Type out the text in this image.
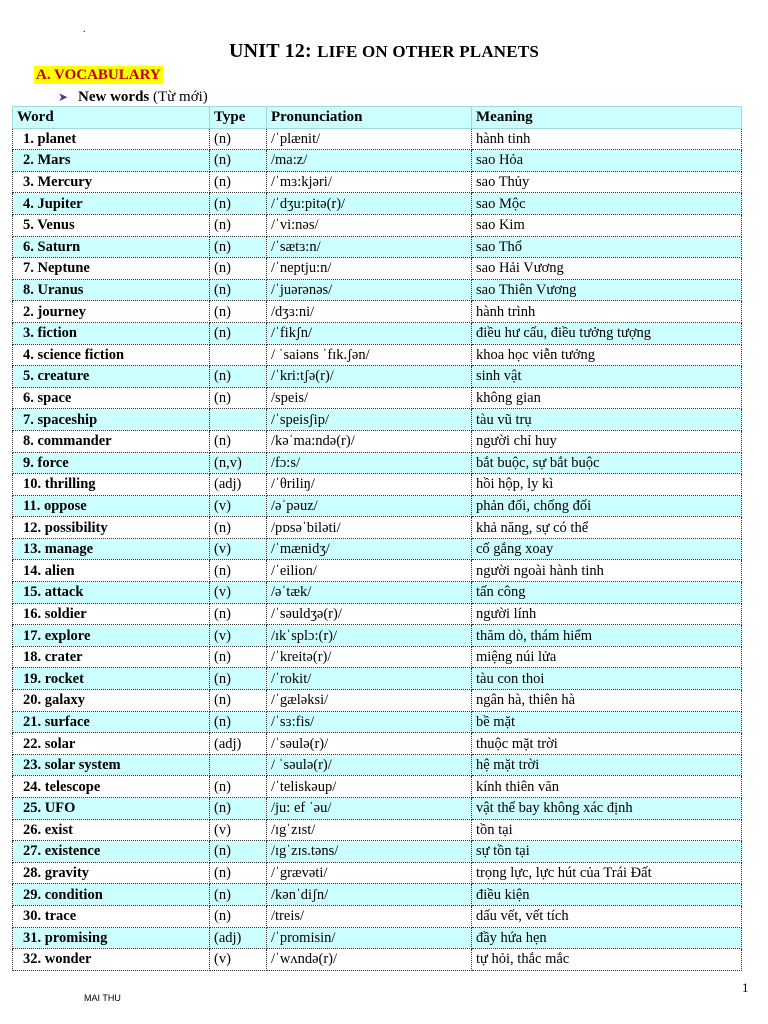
.
UNIT 12: LIFE ON OTHER PLANETS
A. VOCABULARY
➤ New words (Từ mới)
Word	Type	Pronunciation	Meaning
1. planet	(n)	/ˈplænit/	hành tinh
2. Mars	(n)	/ma:z/	sao Hỏa
3. Mercury	(n)	/ˈmɜ:kjəri/	sao Thủy
4. Jupiter	(n)	/ˈdʒu:pitə(r)/	sao Mộc
5. Venus	(n)	/ˈvi:nəs/	sao Kim
6. Saturn	(n)	/ˈsætɜ:n/	sao Thổ
7. Neptune	(n)	/ˈneptju:n/	sao Hải Vương
8. Uranus	(n)	/ˈjuərənəs/	sao Thiên Vương
2. journey	(n)	/dʒɜ:ni/	hành trình
3. fiction	(n)	/ˈfikʃn/	điều hư cấu, điều tưởng tượng
4. science fiction		/ ˈsaiəns ˈfɪk.ʃən/	khoa học viễn tưởng
5. creature	(n)	/ˈkri:tʃə(r)/	sinh vật
6. space	(n)	/speis/	không gian
7. spaceship		/ˈspeisʃip/	tàu vũ trụ
8. commander	(n)	/kəˈma:ndə(r)/	người chỉ huy
9. force	(n,v)	/fɔ:s/	bắt buộc, sự bắt buộc
10. thrilling	(adj)	/ˈθriliŋ/	hồi hộp, ly kì
11. oppose	(v)	/əˈpəuz/	phản đối, chống đối
12. possibility	(n)	/pɒsəˈbiləti/	khả năng, sự có thể
13. manage	(v)	/ˈmænidʒ/	cố gắng xoay
14. alien	(n)	/ˈeilion/	người ngoài hành tinh
15. attack	(v)	/əˈtæk/	tấn công
16. soldier	(n)	/ˈsəuldʒə(r)/	người lính
17. explore	(v)	/ɪkˈsplɔ:(r)/	thăm dò, thám hiểm
18. crater	(n)	/ˈkreitə(r)/	miệng núi lửa
19. rocket	(n)	/ˈrokit/	tàu con thoi
20. galaxy	(n)	/ˈgæləksi/	ngân hà, thiên hà
21. surface	(n)	/ˈsɜ:fis/	bề mặt
22. solar	(adj)	/ˈsəulə(r)/	thuộc mặt trời
23. solar system		/ ˈsəulə(r)/	hệ mặt trời
24. telescope	(n)	/ˈteliskəup/	kính thiên văn
25. UFO	(n)	/ju: ef ˈəu/	vật thể bay không xác định
26. exist	(v)	/ɪgˈzɪst/	tồn tại
27. existence	(n)	/ɪgˈzɪs.təns/	sự tồn tại
28. gravity	(n)	/ˈgrævəti/	trọng lực, lực hút của Trái Đất
29. condition	(n)	/kənˈdiʃn/	điều kiện
30. trace	(n)	/treis/	dấu vết, vết tích
31. promising	(adj)	/ˈpromisin/	đầy hứa hẹn
32. wonder	(v)	/ˈwʌndə(r)/	tự hỏi, thắc mắc
MAI THU
1
